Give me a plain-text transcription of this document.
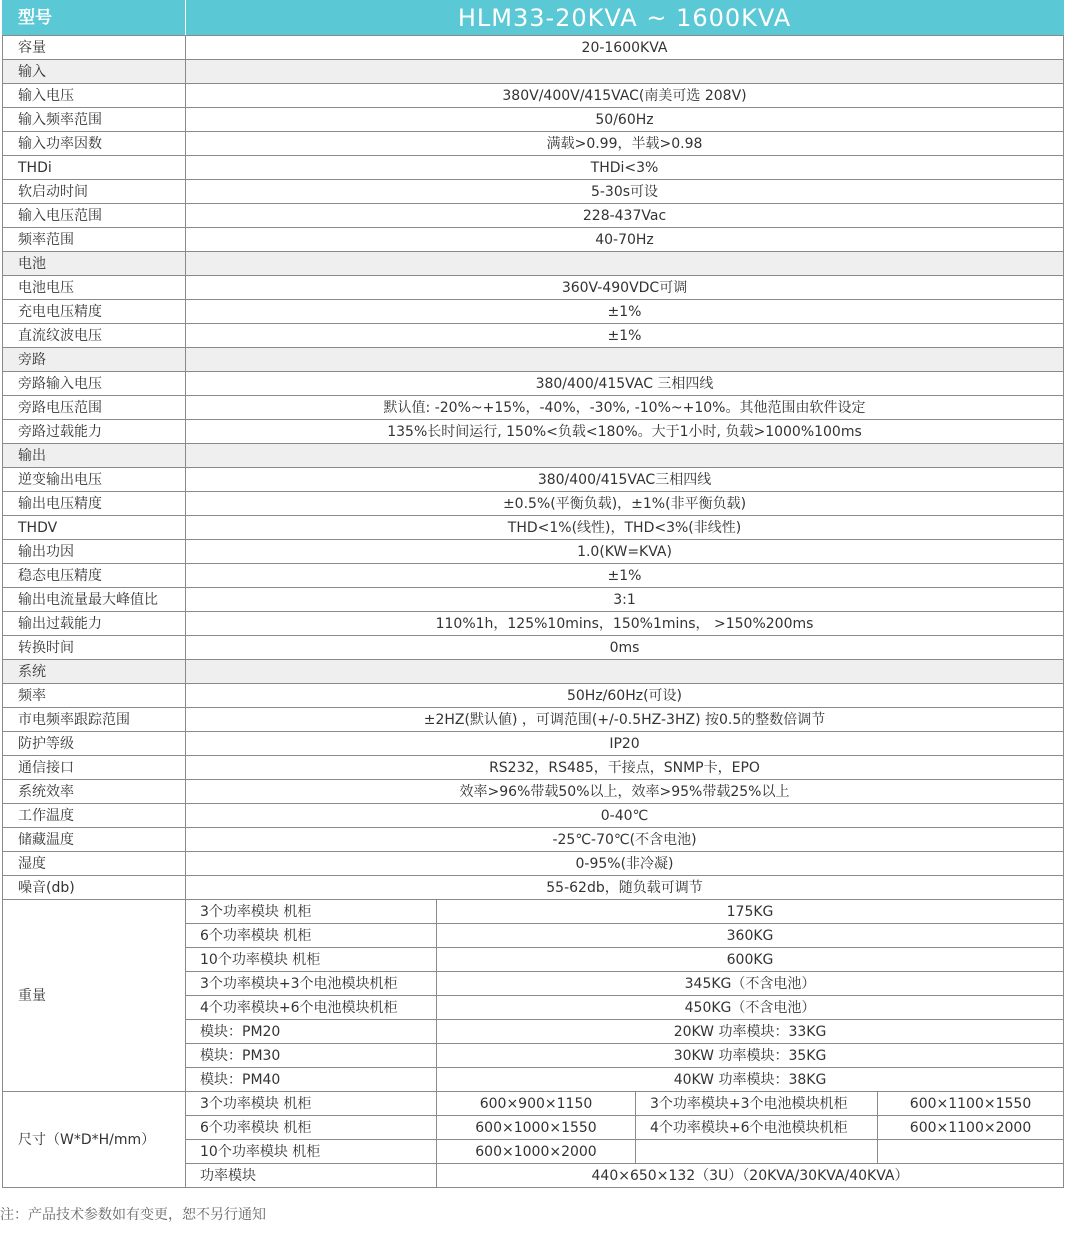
型号	HLM33-20KVA ~ 1600KVA			
容量	20-1600KVA			
输入				
输入电压	380V/400V/415VAC(南美可选 208V)			
输入频率范围	50/60Hz			
输入功率因数	满载>0.99，半载>0.98			
THDi	THDi<3%			
软启动时间	5-30s可设			
输入电压范围	228-437Vac			
频率范围	40-70Hz			
电池				
电池电压	360V-490VDC可调			
充电电压精度	±1%			
直流纹波电压	±1%			
旁路				
旁路输入电压	380/400/415VAC 三相四线			
旁路电压范围	默认值: -20%~+15%，-40%，-30%, -10%~+10%。其他范围由软件设定			
旁路过载能力	135%长时间运行, 150%<负载<180%。大于1小时, 负载>1000%100ms			
输出				
逆变输出电压	380/400/415VAC三相四线			
输出电压精度	±0.5%(平衡负载)，±1%(非平衡负载)			
THDV	THD<1%(线性)，THD<3%(非线性)			
输出功因	1.0(KW=KVA)			
稳态电压精度	±1%			
输出电流量最大峰值比	3:1			
输出过载能力	110%1h，125%10mins，150%1mins， >150%200ms			
转换时间	0ms			
系统				
频率	50Hz/60Hz(可设)			
市电频率跟踪范围	±2HZ(默认値) ，可调范围(+/-0.5HZ-3HZ) 按0.5的整数倍调节			
防护等级	IP20			
通信接口	RS232，RS485，干接点，SNMP卡，EPO			
系统效率	效率>96%带载50%以上，效率>95%带载25%以上			
工作温度	0-40℃			
储藏温度	-25℃-70℃(不含电池)			
湿度	0-95%(非冷凝)			
噪音(db)	55-62db，随负载可调节			
重量	3个功率模块 机柜	175KG		
	6个功率模块 机柜	360KG		
	10个功率模块 机柜	600KG		
	3个功率模块+3个电池模块机柜	345KG（不含电池）		
	4个功率模块+6个电池模块机柜	450KG（不含电池）		
	模块：PM20	20KW 功率模块：33KG		
	模块：PM30	30KW 功率模块：35KG		
	模块：PM40	40KW 功率模块：38KG		
尺寸（W*D*H/mm）	3个功率模块 机柜	600×900×1150	3个功率模块+3个电池模块机柜	600×1100×1550
	6个功率模块 机柜	600×1000×1550	4个功率模块+6个电池模块机柜	600×1100×2000
	10个功率模块 机柜	600×1000×2000		
	功率模块	440×650×132（3U）（20KVA/30KVA/40KVA）		
注：产品技术参数如有变更，恕不另行通知
